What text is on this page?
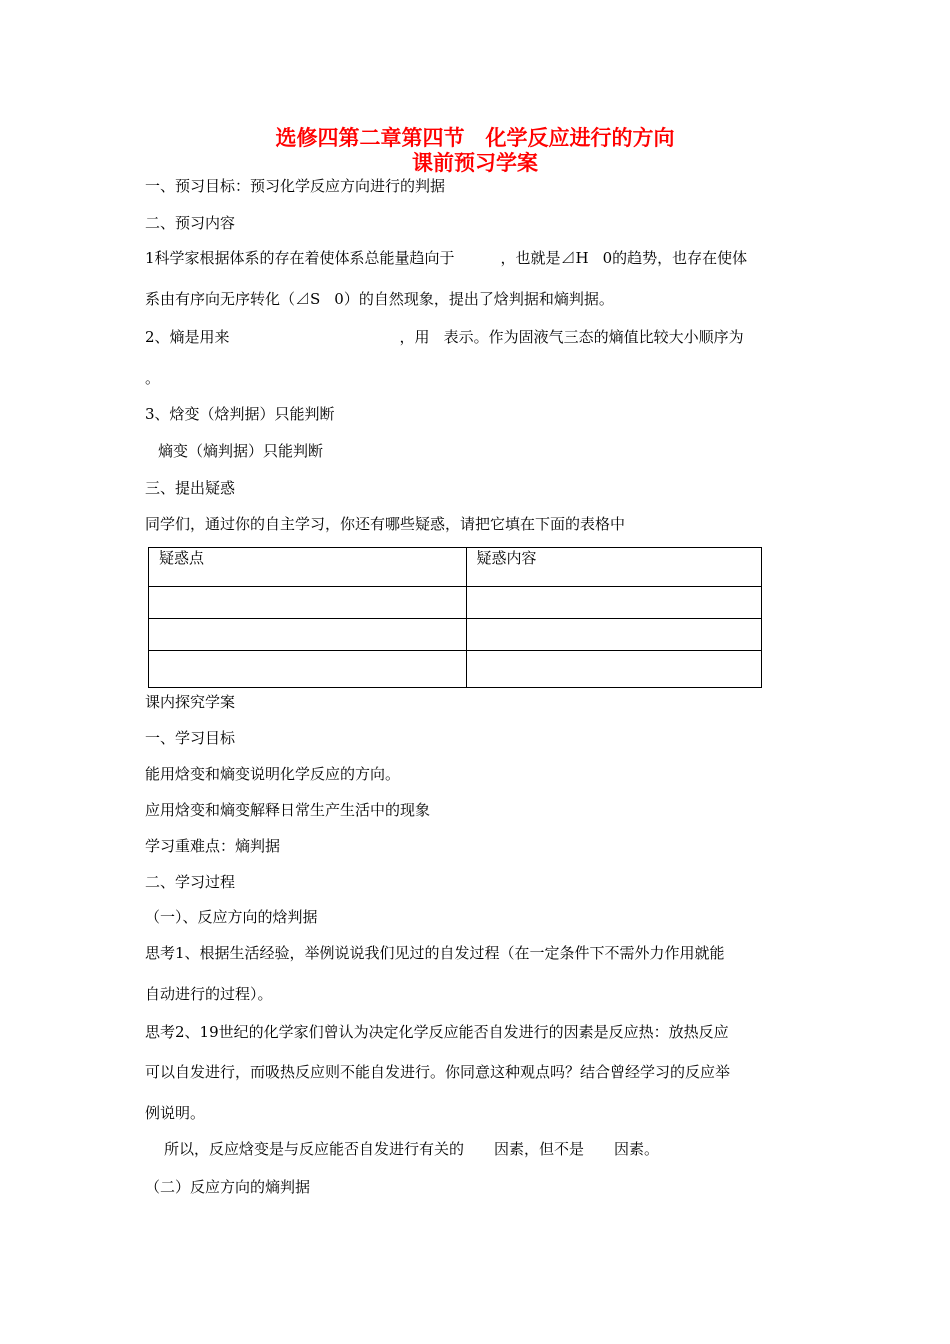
选修四第二章第四节　化学反应进行的方向
课前预习学案
一、预习目标：预习化学反应方向进行的判据
二、预习内容
1科学家根据体系的存在着使体系总能量趋向于	，也就是⊿H 0的趋势，也存在使体
系由有序向无序转化（⊿S 0）的自然现象，提出了焓判据和熵判据。
2、熵是用来	，用 表示。作为固液气三态的熵值比较大小顺序为
。
3、焓变（焓判据）只能判断
熵变（熵判据）只能判断
三、提出疑惑
同学们，通过你的自主学习，你还有哪些疑惑，请把它填在下面的表格中
疑惑点	疑惑内容

课内探究学案
一、学习目标
能用焓变和熵变说明化学反应的方向。
应用焓变和熵变解释日常生产生活中的现象
学习重难点：熵判据
二、学习过程
（一）、反应方向的焓判据
思考1、根据生活经验，举例说说我们见过的自发过程（在一定条件下不需外力作用就能
自动进行的过程）。
思考2、19世纪的化学家们曾认为决定化学反应能否自发进行的因素是反应热：放热反应
可以自发进行，而吸热反应则不能自发进行。你同意这种观点吗？结合曾经学习的反应举
例说明。
所以，反应焓变是与反应能否自发进行有关的 因素，但不是 因素。
（二）反应方向的熵判据
